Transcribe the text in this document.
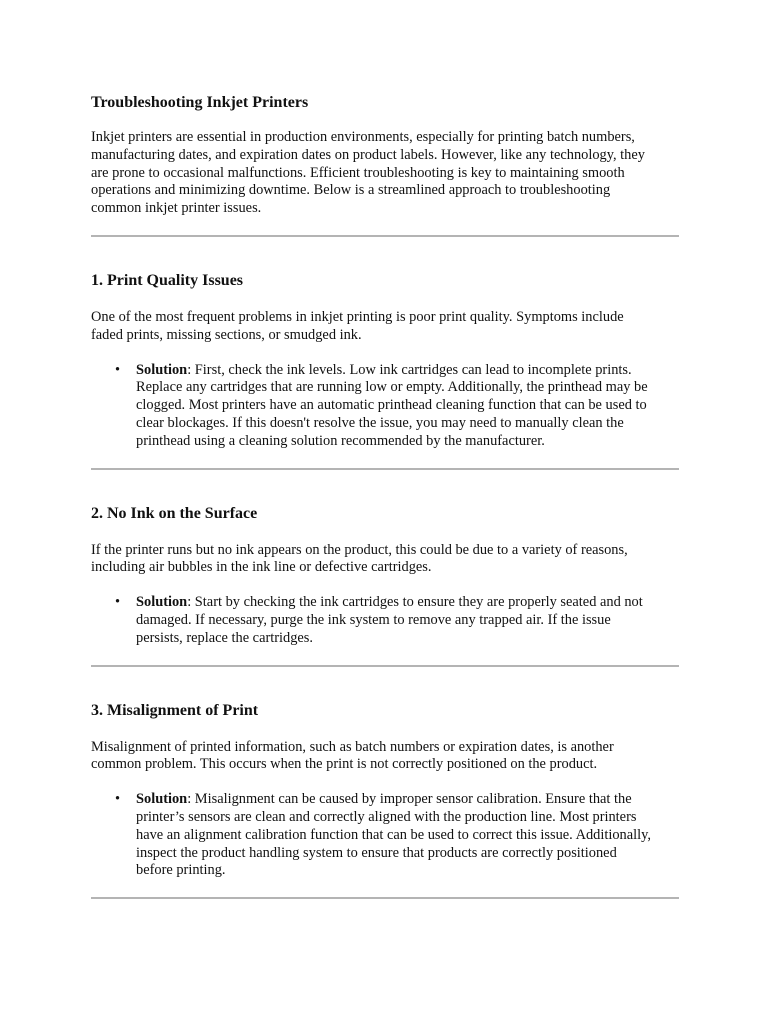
Troubleshooting Inkjet Printers

Inkjet printers are essential in production environments, especially for printing batch numbers,
manufacturing dates, and expiration dates on product labels. However, like any technology, they
are prone to occasional malfunctions. Efficient troubleshooting is key to maintaining smooth
operations and minimizing downtime. Below is a streamlined approach to troubleshooting
common inkjet printer issues.

1. Print Quality Issues

One of the most frequent problems in inkjet printing is poor print quality. Symptoms include
faded prints, missing sections, or smudged ink.

• Solution: First, check the ink levels. Low ink cartridges can lead to incomplete prints.
Replace any cartridges that are running low or empty. Additionally, the printhead may be
clogged. Most printers have an automatic printhead cleaning function that can be used to
clear blockages. If this doesn't resolve the issue, you may need to manually clean the
printhead using a cleaning solution recommended by the manufacturer.
2. No Ink on the Surface

If the printer runs but no ink appears on the product, this could be due to a variety of reasons,
including air bubbles in the ink line or defective cartridges.

• Solution: Start by checking the ink cartridges to ensure they are properly seated and not
damaged. If necessary, purge the ink system to remove any trapped air. If the issue
persists, replace the cartridges.
3. Misalignment of Print

Misalignment of printed information, such as batch numbers or expiration dates, is another
common problem. This occurs when the print is not correctly positioned on the product.

• Solution: Misalignment can be caused by improper sensor calibration. Ensure that the
printer’s sensors are clean and correctly aligned with the production line. Most printers
have an alignment calibration function that can be used to correct this issue. Additionally,
inspect the product handling system to ensure that products are correctly positioned
before printing.
